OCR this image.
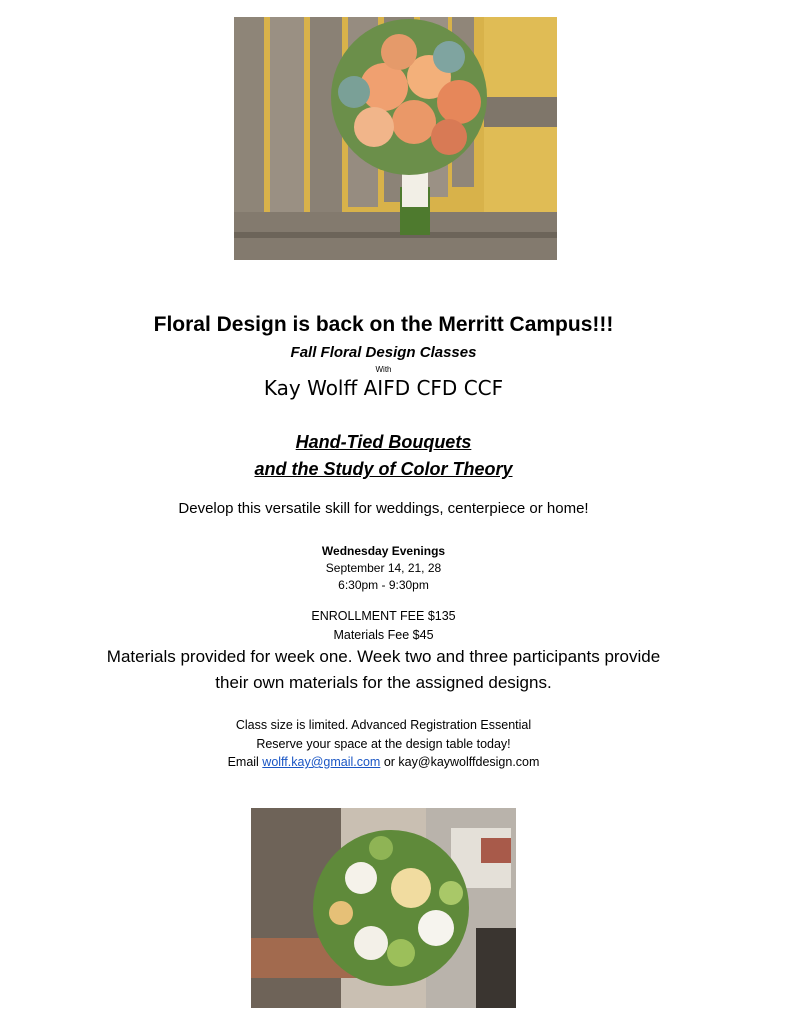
Floral Design is back on the Merritt Campus!!!
Fall Floral Design Classes
With
Kay Wolff AIFD CFD CCF
Hand-Tied Bouquets
and the Study of Color Theory
Develop this versatile skill for weddings, centerpiece or home!
Wednesday Evenings
September 14, 21, 28
6:30pm - 9:30pm
ENROLLMENT FEE $135
Materials Fee $45
Materials provided for week one. Week two and three participants provide
their own materials for the assigned designs.
Class size is limited. Advanced Registration Essential
Reserve your space at the design table today!
Email wolff.kay@gmail.com or kay@kaywolffdesign.com
